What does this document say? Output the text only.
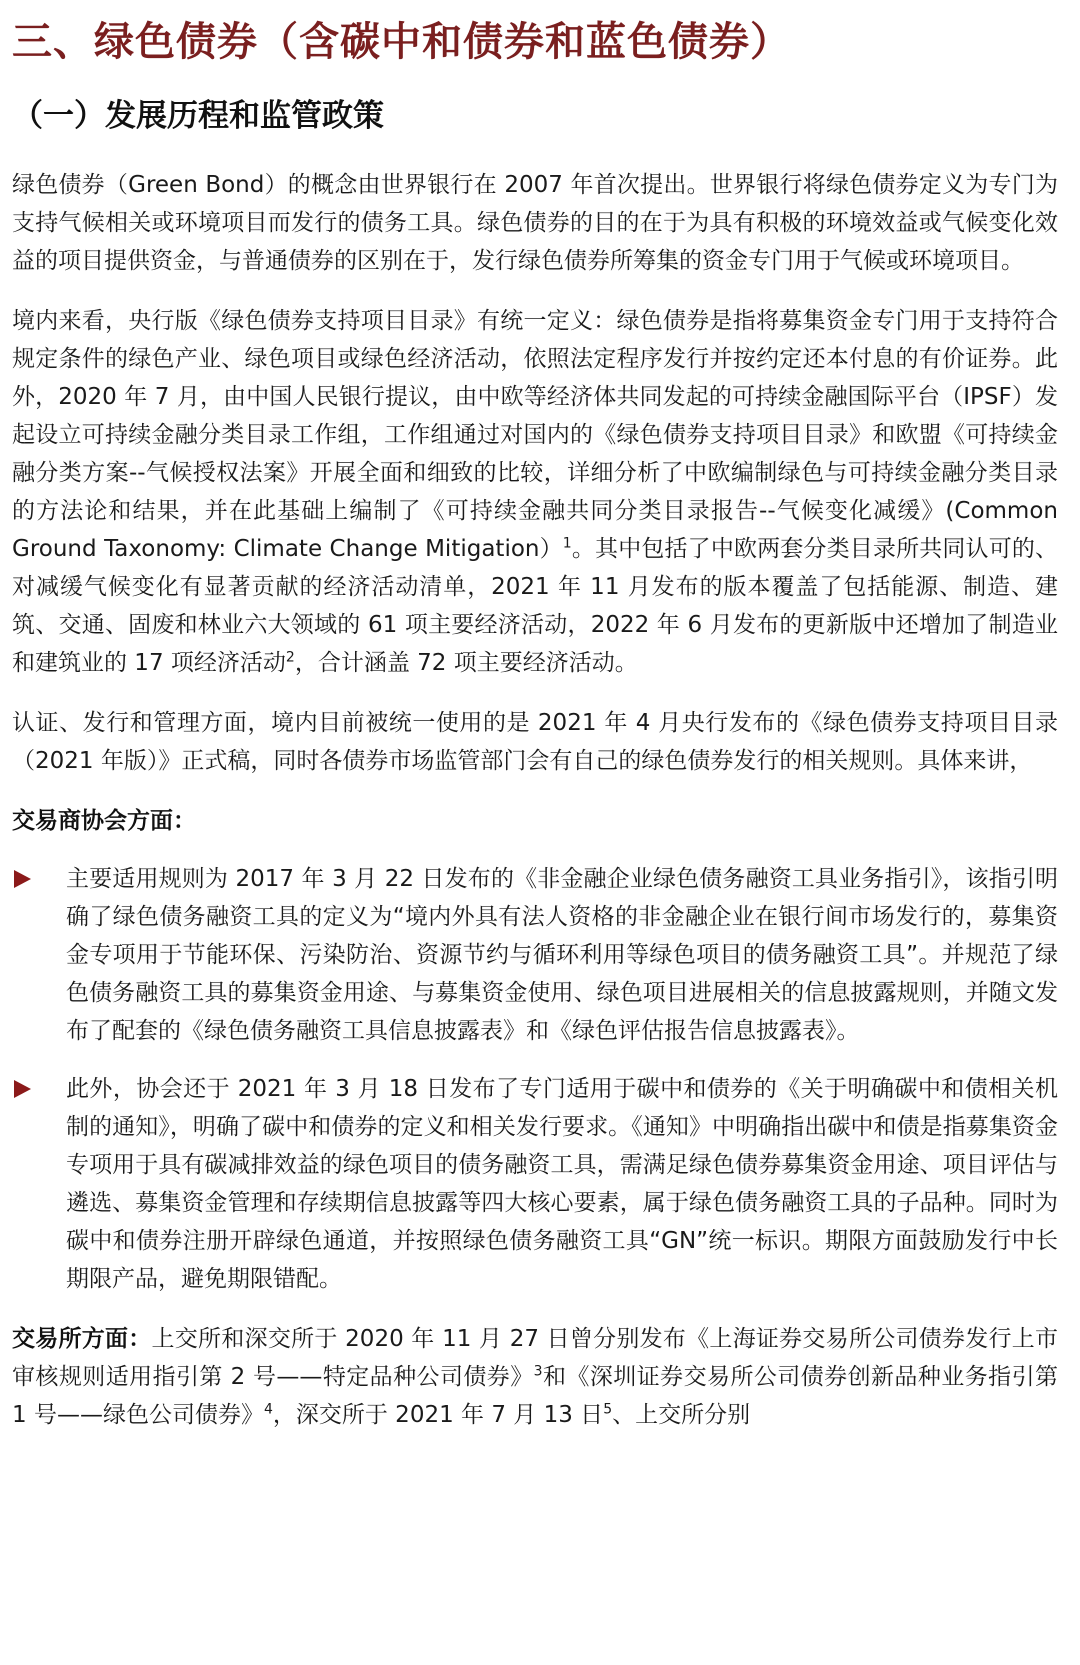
三、绿色债券（含碳中和债券和蓝色债券）
（一）发展历程和监管政策

绿色债券（Green Bond）的概念由世界银行在 2007 年首次提出。世界银行将绿色债券定义为专门为支持气候相关或环境项目而发行的债务工具。绿色债券的目的在于为具有积极的环境效益或气候变化效益的项目提供资金，与普通债券的区别在于，发行绿色债券所筹集的资金专门用于气候或环境项目。

境内来看，央行版《绿色债券支持项目目录》有统一定义：绿色债券是指将募集资金专门用于支持符合规定条件的绿色产业、绿色项目或绿色经济活动，依照法定程序发行并按约定还本付息的有价证券。此外，2020 年 7 月，由中国人民银行提议，由中欧等经济体共同发起的可持续金融国际平台（IPSF）发起设立可持续金融分类目录工作组，工作组通过对国内的《绿色债券支持项目目录》和欧盟《可持续金融分类方案--气候授权法案》开展全面和细致的比较，详细分析了中欧编制绿色与可持续金融分类目录的方法论和结果，并在此基础上编制了《可持续金融共同分类目录报告--气候变化减缓》(Common Ground Taxonomy: Climate Change Mitigation）$^1$。其中包括了中欧两套分类目录所共同认可的、对减缓气候变化有显著贡献的经济活动清单，2021 年 11 月发布的版本覆盖了包括能源、制造、建筑、交通、固废和林业六大领域的 61 项主要经济活动，2022 年 6 月发布的更新版中还增加了制造业和建筑业的 17 项经济活动$^2$，合计涵盖 72 项主要经济活动。

认证、发行和管理方面，境内目前被统一使用的是 2021 年 4 月央行发布的《绿色债券支持项目目录（2021 年版）》正式稿，同时各债券市场监管部门会有自己的绿色债券发行的相关规则。具体来讲，

交易商协会方面：

主要适用规则为 2017 年 3 月 22 日发布的《非金融企业绿色债务融资工具业务指引》，该指引明确了绿色债务融资工具的定义为“境内外具有法人资格的非金融企业在银行间市场发行的，募集资金专项用于节能环保、污染防治、资源节约与循环利用等绿色项目的债务融资工具”。并规范了绿色债务融资工具的募集资金用途、与募集资金使用、绿色项目进展相关的信息披露规则，并随文发布了配套的《绿色债务融资工具信息披露表》和《绿色评估报告信息披露表》。
此外，协会还于 2021 年 3 月 18 日发布了专门适用于碳中和债券的《关于明确碳中和债相关机制的通知》，明确了碳中和债券的定义和相关发行要求。《通知》中明确指出碳中和债是指募集资金专项用于具有碳减排效益的绿色项目的债务融资工具，需满足绿色债券募集资金用途、项目评估与遴选、募集资金管理和存续期信息披露等四大核心要素，属于绿色债务融资工具的子品种。同时为碳中和债券注册开辟绿色通道，并按照绿色债务融资工具“GN”统一标识。期限方面鼓励发行中长期限产品，避免期限错配。

交易所方面：上交所和深交所于 2020 年 11 月 27 日曾分别发布《上海证券交易所公司债券发行上市审核规则适用指引第 2 号——特定品种公司债券》$^3$和《深圳证券交易所公司债券创新品种业务指引第 1 号——绿色公司债券》$^4$，深交所于 2021 年 7 月 13 日$^5$、上交所分别
